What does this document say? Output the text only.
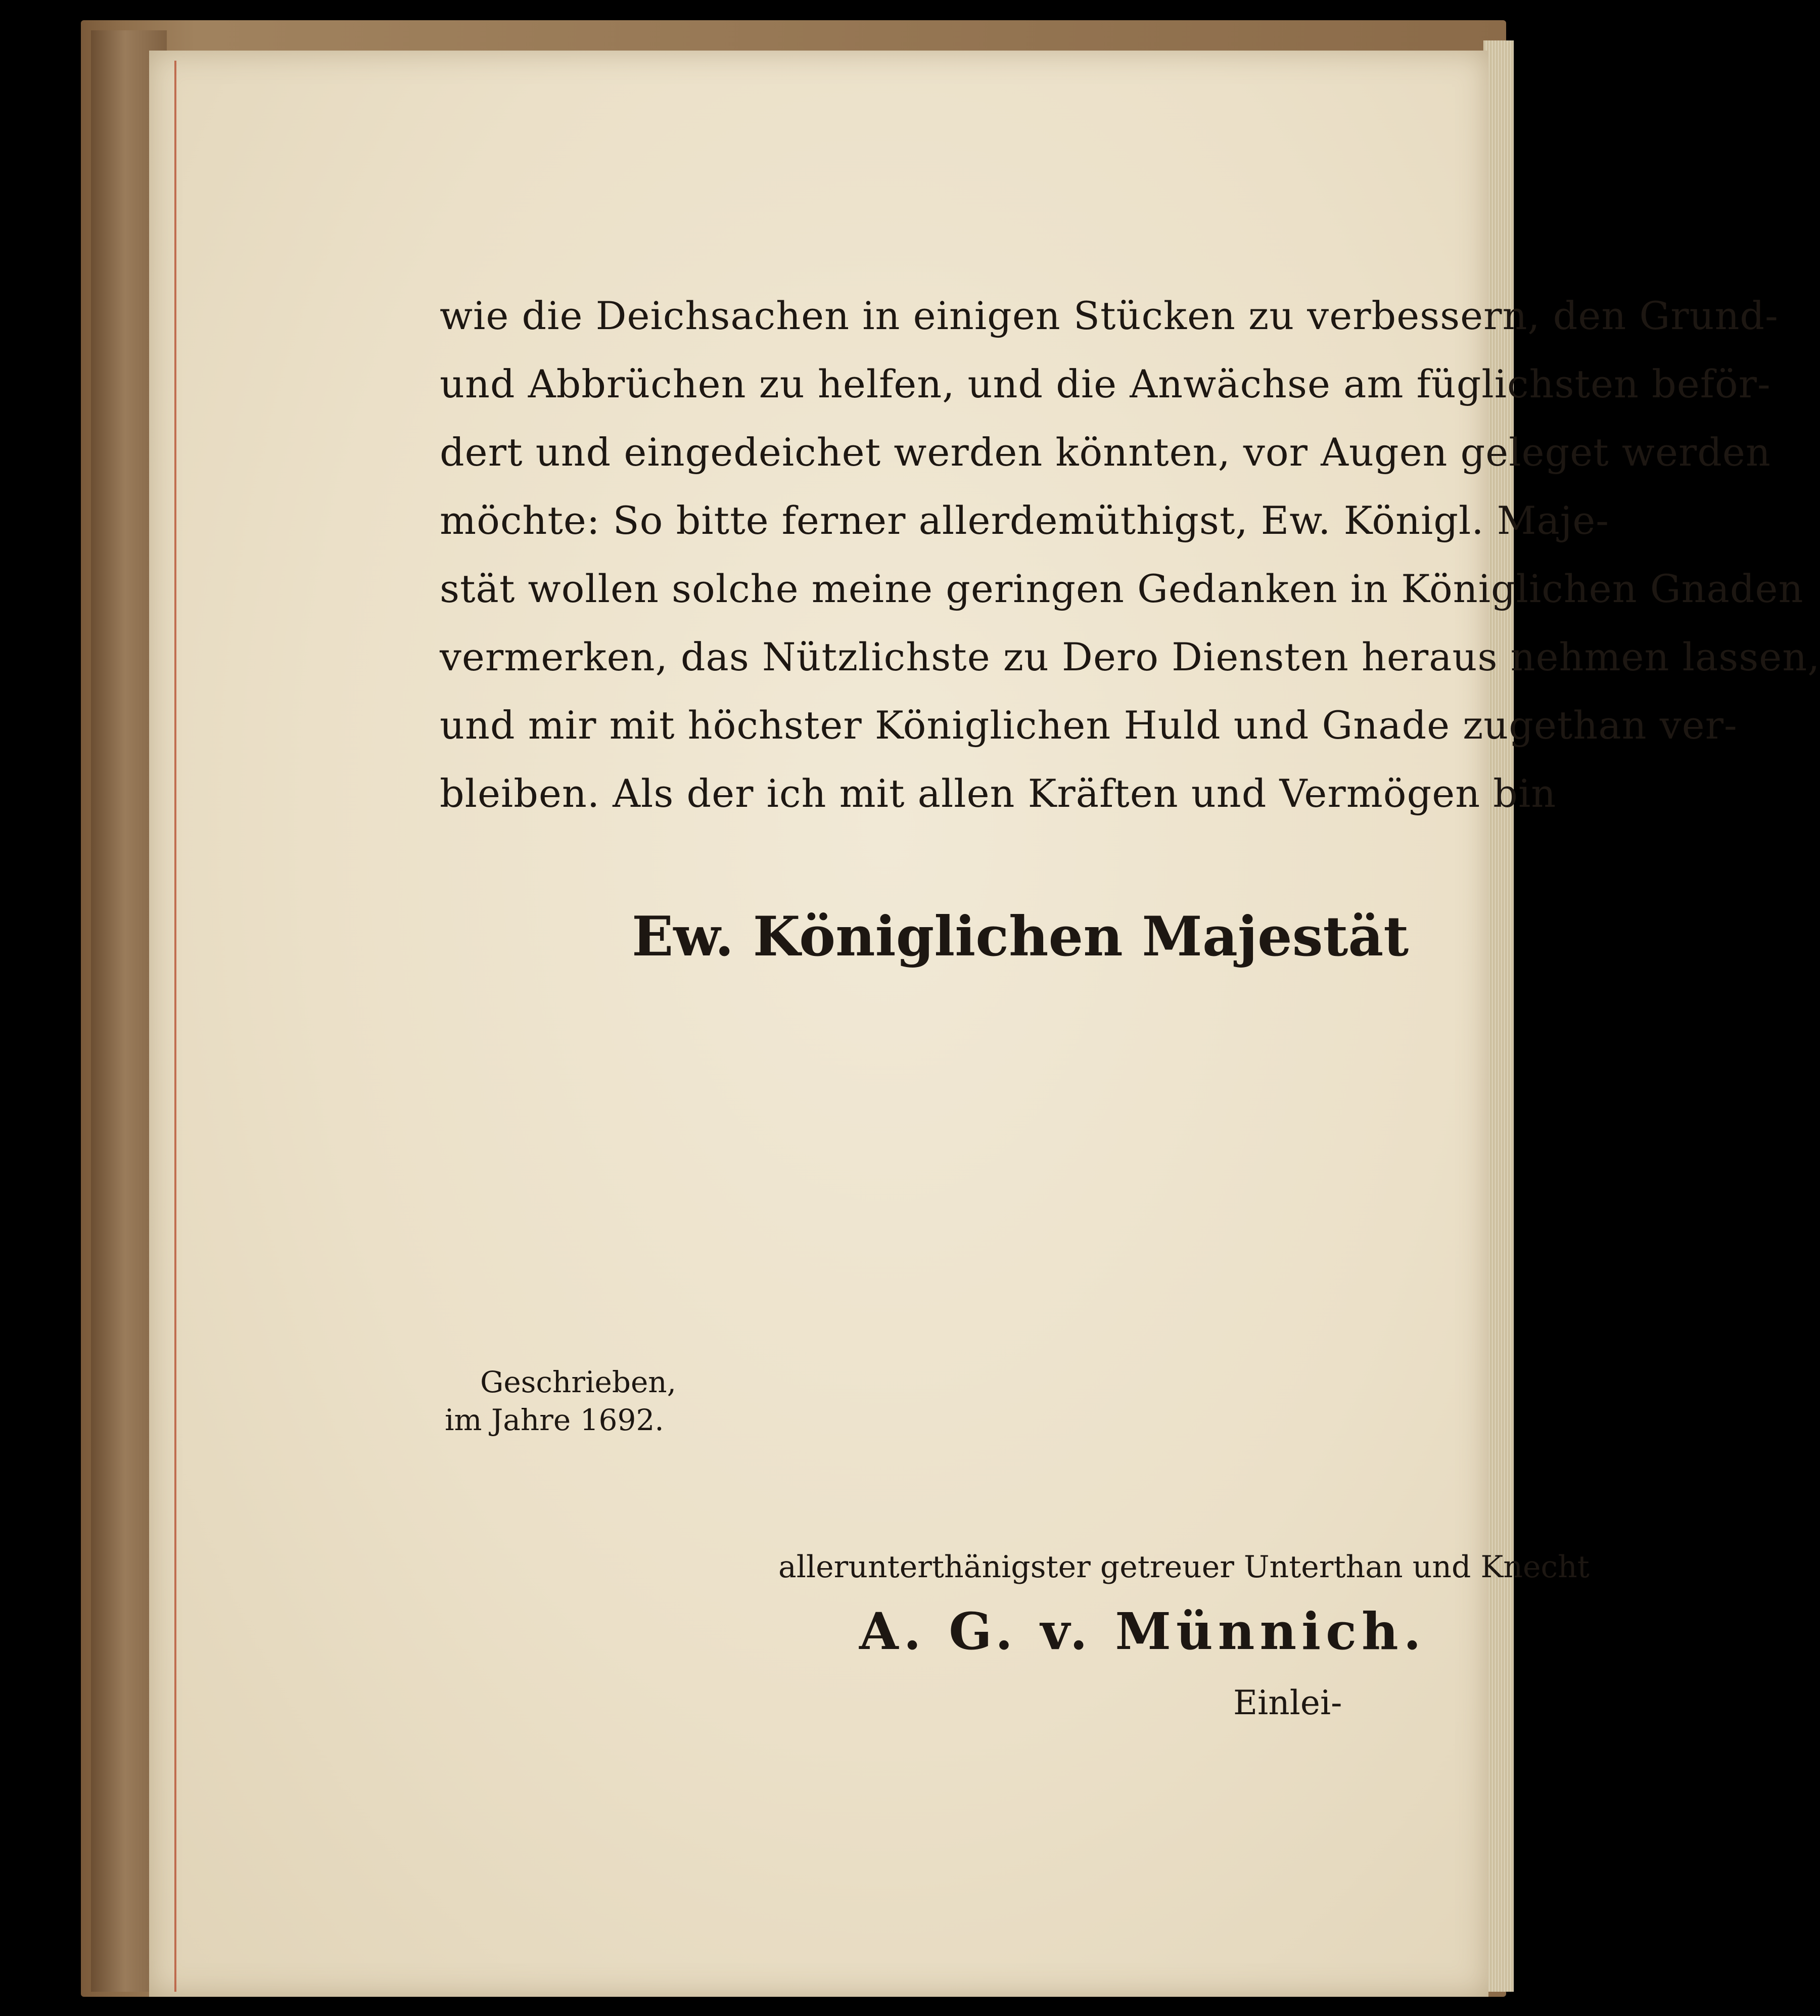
wie die Deichsachen in einigen Stücken zu verbessern, den Grund-
und Abbrüchen zu helfen, und die Anwächse am füglichsten beför-
dert und eingedeichet werden könnten, vor Augen geleget werden
möchte: So bitte ferner allerdemüthigst, Ew. Königl. Maje-
stät wollen solche meine geringen Gedanken in Königlichen Gnaden
vermerken, das Nützlichste zu Dero Diensten heraus nehmen lassen,
und mir mit höchster Königlichen Huld und Gnade zugethan ver-
bleiben. Als der ich mit allen Kräften und Vermögen bin
Ew. Königlichen Majestät
Geschrieben,
im Jahre 1692.
allerunterthänigster getreuer Unterthan und Knecht
A. G. v. Münnich.
Einlei-
